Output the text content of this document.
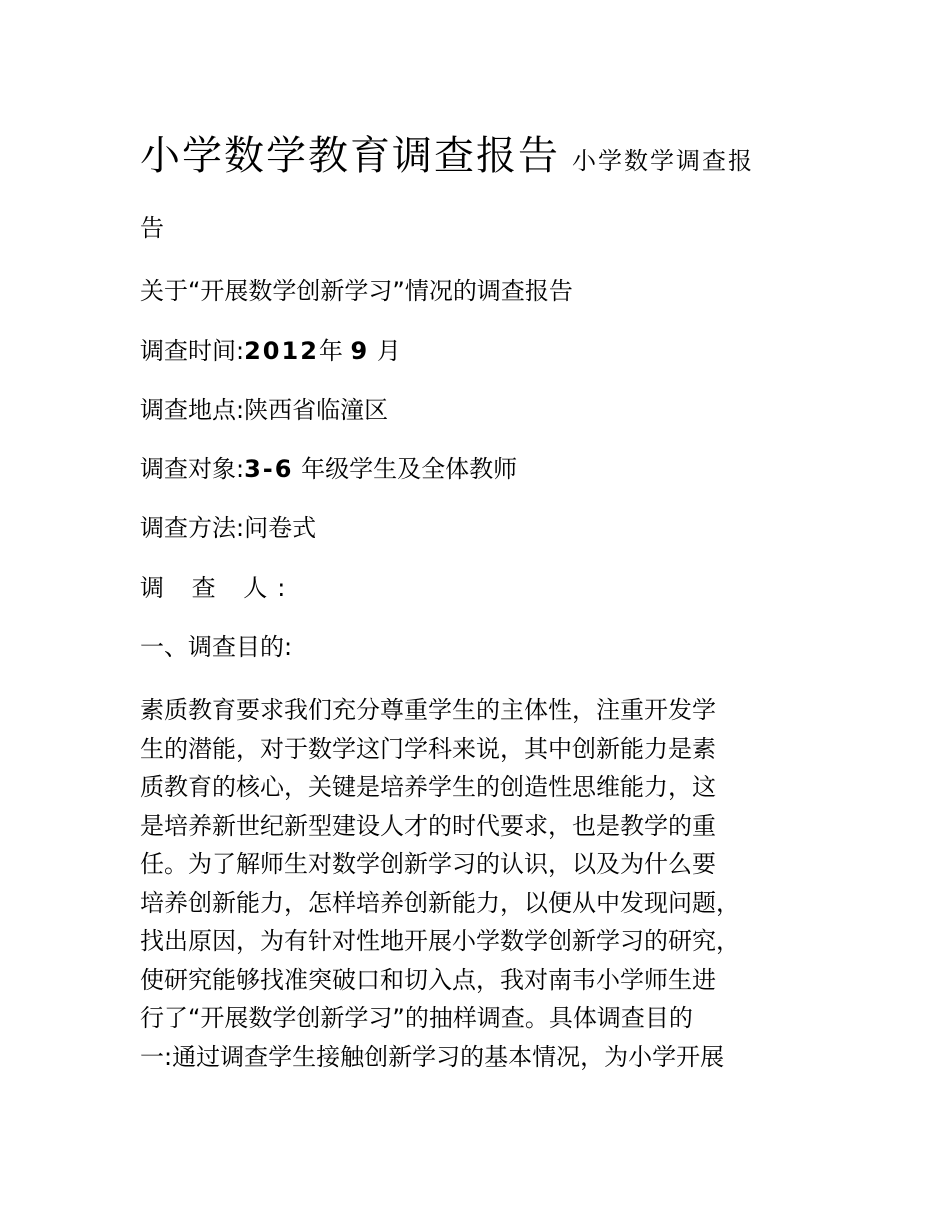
小学数学教育调查报告 小学数学调查报
告
关于“开展数学创新学习”情况的调查报告
调查时间:2012年 9 月
调查地点:陕西省临潼区
调查对象:3-6 年级学生及全体教师
调查方法:问卷式
调 查 人:
一、调查目的:
素质教育要求我们充分尊重学生的主体性，注重开发学
生的潜能，对于数学这门学科来说，其中创新能力是素
质教育的核心，关键是培养学生的创造性思维能力，这
是培养新世纪新型建设人才的时代要求，也是教学的重
任。为了解师生对数学创新学习的认识，以及为什么要
培养创新能力，怎样培养创新能力，以便从中发现问题，
找出原因，为有针对性地开展小学数学创新学习的研究，
使研究能够找准突破口和切入点，我对南韦小学师生进
行了“开展数学创新学习”的抽样调查。具体调查目的
一:通过调查学生接触创新学习的基本情况，为小学开展
